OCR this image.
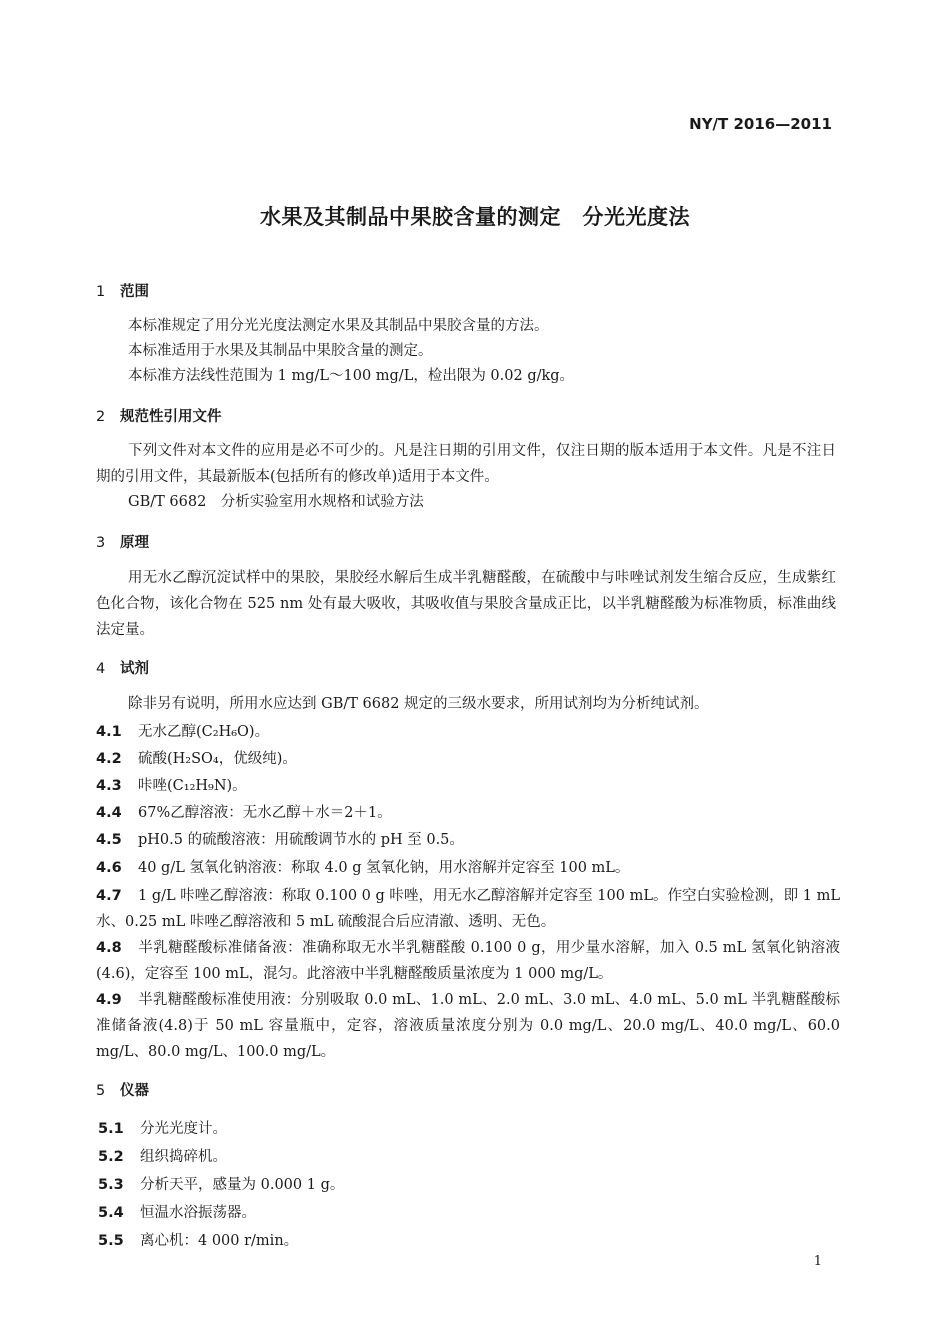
NY/T 2016—2011
水果及其制品中果胶含量的测定　分光光度法
1 范围
本标准规定了用分光光度法测定水果及其制品中果胶含量的方法。
本标准适用于水果及其制品中果胶含量的测定。
本标准方法线性范围为 1 mg/L～100 mg/L，检出限为 0.02 g/kg。
2 规范性引用文件
下列文件对本文件的应用是必不可少的。凡是注日期的引用文件，仅注日期的版本适用于本文件。凡是不注日期的引用文件，其最新版本(包括所有的修改单)适用于本文件。
GB/T 6682　分析实验室用水规格和试验方法
3 原理
用无水乙醇沉淀试样中的果胶，果胶经水解后生成半乳糖醛酸，在硫酸中与咔唑试剂发生缩合反应，生成紫红色化合物，该化合物在 525 nm 处有最大吸收，其吸收值与果胶含量成正比，以半乳糖醛酸为标准物质，标准曲线法定量。
4 试剂
除非另有说明，所用水应达到 GB/T 6682 规定的三级水要求，所用试剂均为分析纯试剂。
4.1 无水乙醇(C₂H₆O)。
4.2 硫酸(H₂SO₄，优级纯)。
4.3 咔唑(C₁₂H₉N)。
4.4 67%乙醇溶液：无水乙醇＋水＝2＋1。
4.5 pH0.5 的硫酸溶液：用硫酸调节水的 pH 至 0.5。
4.6 40 g/L 氢氧化钠溶液：称取 4.0 g 氢氧化钠，用水溶解并定容至 100 mL。
4.7 1 g/L 咔唑乙醇溶液：称取 0.100 0 g 咔唑，用无水乙醇溶解并定容至 100 mL。作空白实验检测，即 1 mL 水、0.25 mL 咔唑乙醇溶液和 5 mL 硫酸混合后应清澈、透明、无色。
4.8 半乳糖醛酸标准储备液：准确称取无水半乳糖醛酸 0.100 0 g，用少量水溶解，加入 0.5 mL 氢氧化钠溶液(4.6)，定容至 100 mL，混匀。此溶液中半乳糖醛酸质量浓度为 1 000 mg/L。
4.9 半乳糖醛酸标准使用液：分别吸取 0.0 mL、1.0 mL、2.0 mL、3.0 mL、4.0 mL、5.0 mL 半乳糖醛酸标准储备液(4.8)于 50 mL 容量瓶中，定容，溶液质量浓度分别为 0.0 mg/L、20.0 mg/L、40.0 mg/L、60.0 mg/L、80.0 mg/L、100.0 mg/L。
5 仪器
5.1 分光光度计。
5.2 组织捣碎机。
5.3 分析天平，感量为 0.000 1 g。
5.4 恒温水浴振荡器。
5.5 离心机：4 000 r/min。
1
